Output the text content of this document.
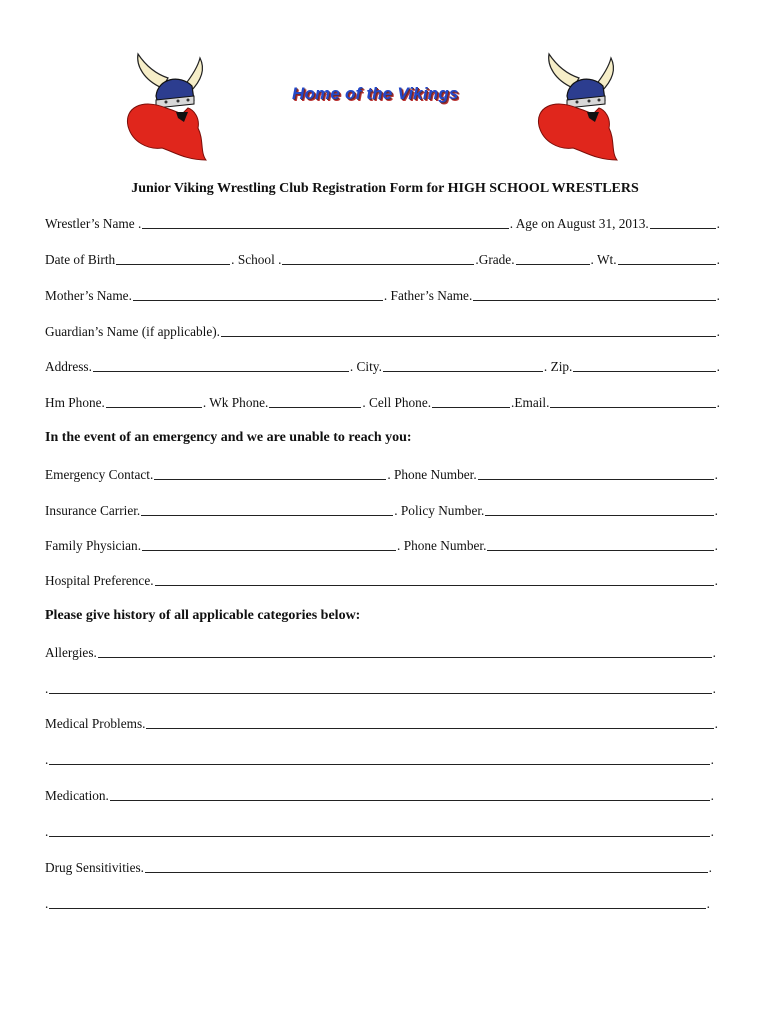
Home of the Vikings
Junior Viking Wrestling Club Registration Form for HIGH SCHOOL WRESTLERS
Wrestler’s Name .	. Age on August 31, 2013.	.
Date of Birth	. School .	.Grade.	. Wt.	.
Mother’s Name.	. Father’s Name.	.
Guardian’s Name (if applicable).	.
Address.	. City.	. Zip.	.
Hm Phone.	. Wk Phone.	. Cell Phone.	.Email.	.
In the event of an emergency and we are unable to reach you:
Emergency Contact.	. Phone Number.	.
Insurance Carrier.	. Policy Number.	.
Family Physician.	. Phone Number.	.
Hospital Preference.	.
Please give history of all applicable categories below:
Allergies.	.
.	.
Medical Problems.	.
.	.
Medication.	.
.	.
Drug Sensitivities.	.
.	.
